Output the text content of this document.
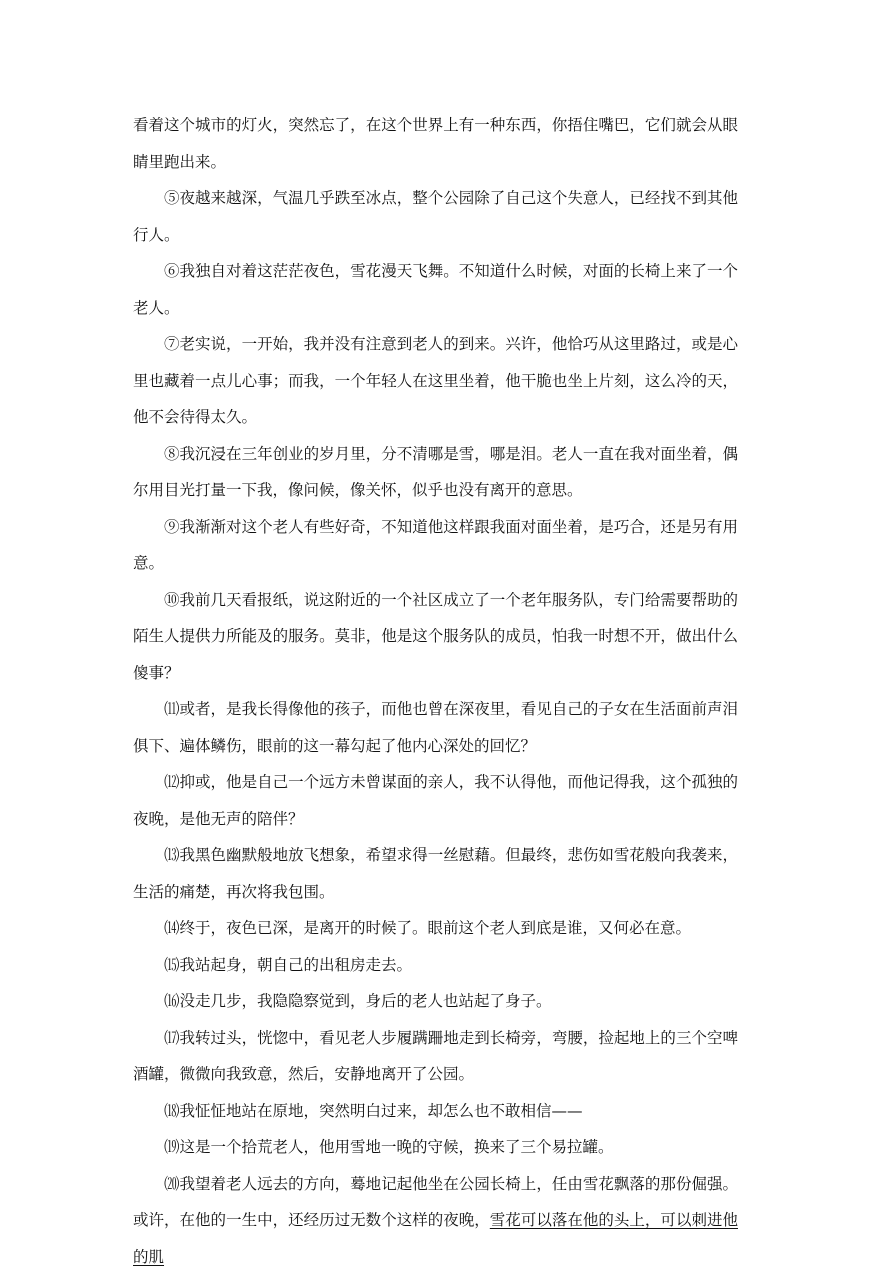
看着这个城市的灯火，突然忘了，在这个世界上有一种东西，你捂住嘴巴，它们就会从眼睛里跑出来。

⑤夜越来越深，气温几乎跌至冰点，整个公园除了自己这个失意人，已经找不到其他行人。

⑥我独自对着这茫茫夜色，雪花漫天飞舞。不知道什么时候，对面的长椅上来了一个老人。

⑦老实说，一开始，我并没有注意到老人的到来。兴许，他恰巧从这里路过，或是心里也藏着一点儿心事；而我，一个年轻人在这里坐着，他干脆也坐上片刻，这么冷的天，他不会待得太久。

⑧我沉浸在三年创业的岁月里，分不清哪是雪，哪是泪。老人一直在我对面坐着，偶尔用目光打量一下我，像问候，像关怀，似乎也没有离开的意思。

⑨我渐渐对这个老人有些好奇，不知道他这样跟我面对面坐着，是巧合，还是另有用意。

⑩我前几天看报纸，说这附近的一个社区成立了一个老年服务队，专门给需要帮助的陌生人提供力所能及的服务。莫非，他是这个服务队的成员，怕我一时想不开，做出什么傻事？

⑾或者，是我长得像他的孩子，而他也曾在深夜里，看见自己的子女在生活面前声泪俱下、遍体鳞伤，眼前的这一幕勾起了他内心深处的回忆？

⑿抑或，他是自己一个远方未曾谋面的亲人，我不认得他，而他记得我，这个孤独的夜晚，是他无声的陪伴？

⒀我黑色幽默般地放飞想象，希望求得一丝慰藉。但最终，悲伤如雪花般向我袭来，生活的痛楚，再次将我包围。

⒁终于，夜色已深，是离开的时候了。眼前这个老人到底是谁，又何必在意。

⒂我站起身，朝自己的出租房走去。

⒃没走几步，我隐隐察觉到，身后的老人也站起了身子。

⒄我转过头，恍惚中，看见老人步履蹒跚地走到长椅旁，弯腰，捡起地上的三个空啤酒罐，微微向我致意，然后，安静地离开了公园。

⒅我怔怔地站在原地，突然明白过来，却怎么也不敢相信——

⒆这是一个拾荒老人，他用雪地一晚的守候，换来了三个易拉罐。

⒇我望着老人远去的方向，蓦地记起他坐在公园长椅上，任由雪花飘落的那份倔强。或许，在他的一生中，还经历过无数个这样的夜晚，雪花可以落在他的头上，可以刺进他的肌
